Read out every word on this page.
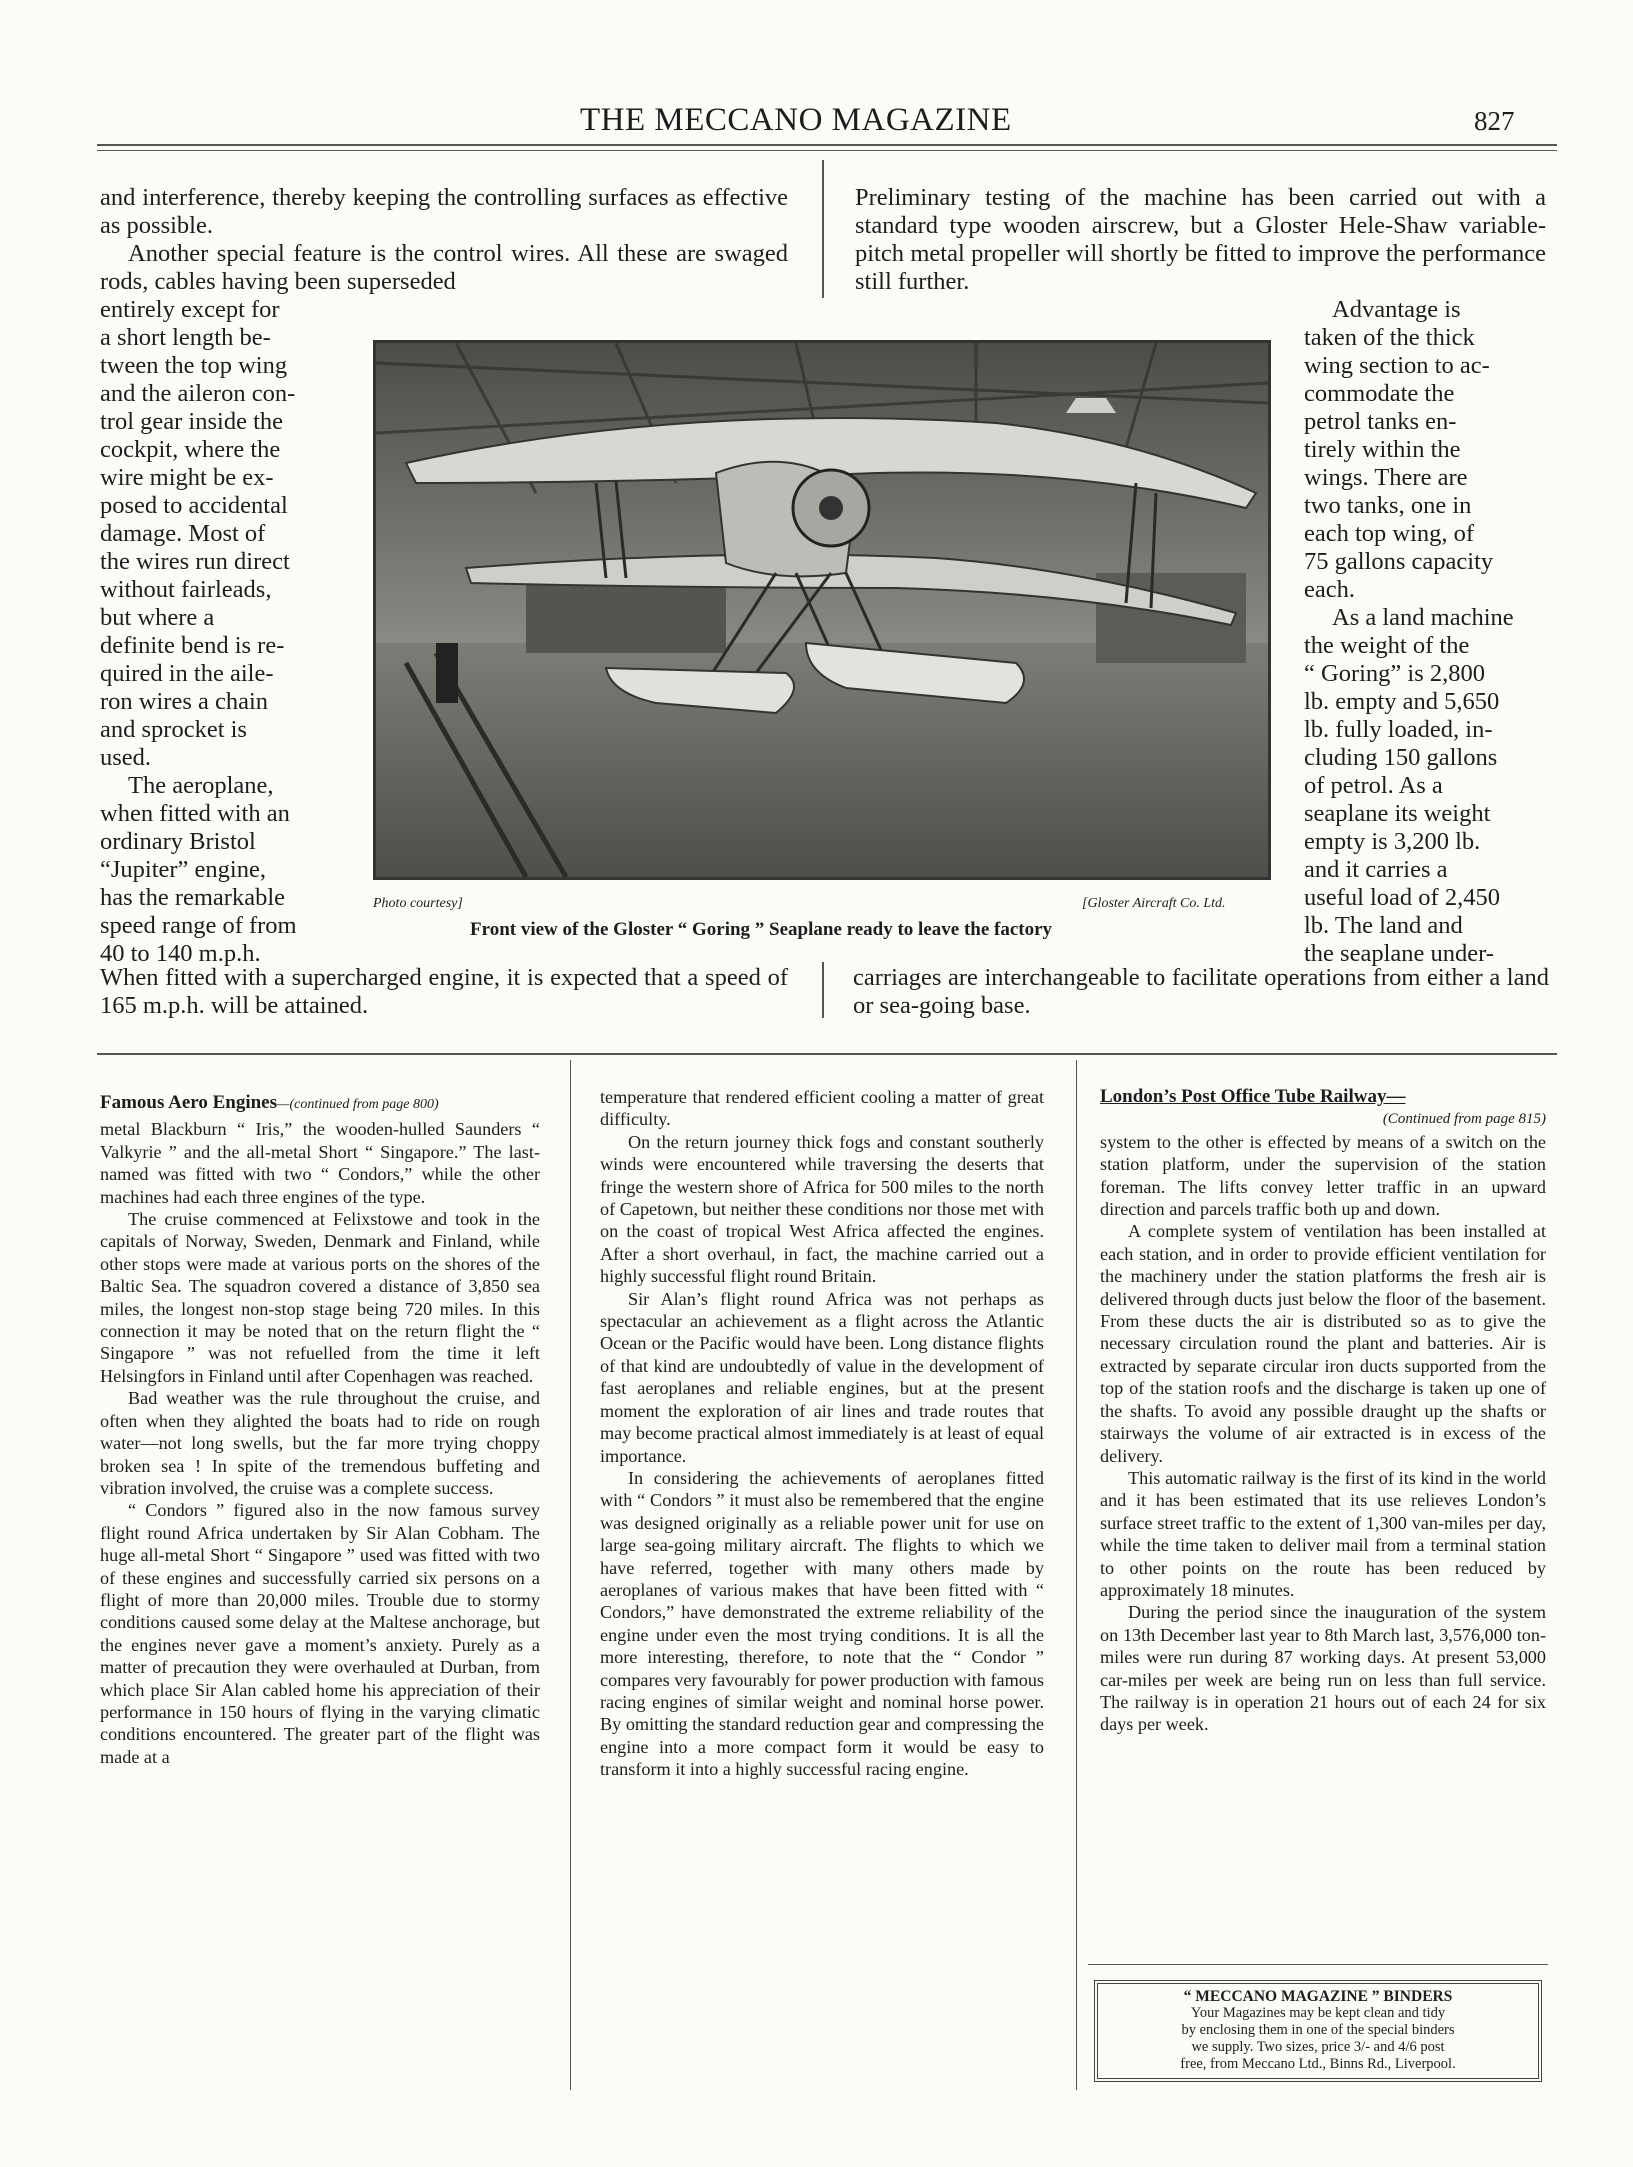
THE MECCANO MAGAZINE	827

and interference, thereby keeping the controlling surfaces as effective as possible.

Another special feature is the control wires. All these are swaged rods, cables having been superseded

Preliminary testing of the machine has been carried out with a standard type wooden airscrew, but a Gloster Hele-Shaw variable-pitch metal propeller will shortly be fitted to improve the performance still further.

entirely except for
a short length be-
tween the top wing
and the aileron con-
trol gear inside the
cockpit, where the
wire might be ex-
posed to accidental
damage. Most of
the wires run direct
without fairleads,
but where a
definite bend is re-
quired in the aile-
ron wires a chain
and sprocket is
used.
The aeroplane,
when fitted with an
ordinary Bristol
“Jupiter” engine,
has the remarkable
speed range of from
40 to 140 m.p.h.
Advantage is
taken of the thick
wing section to ac-
commodate the
petrol tanks en-
tirely within the
wings. There are
two tanks, one in
each top wing, of
75 gallons capacity
each.
As a land machine
the weight of the
“ Goring” is 2,800
lb. empty and 5,650
lb. fully loaded, in-
cluding 150 gallons
of petrol. As a
seaplane its weight
empty is 3,200 lb.
and it carries a
useful load of 2,450
lb. The land and
the seaplane under-
Photo courtesy]	[Gloster Aircraft Co. Ltd.
Front view of the Gloster “ Goring ” Seaplane ready to leave the factory

When fitted with a supercharged engine, it is expected that a speed of 165 m.p.h. will be attained.

carriages are interchangeable to facilitate operations from either a land or sea-going base.

Famous Aero Engines—(continued from page 800)

metal Blackburn “ Iris,” the wooden-hulled Saunders “ Valkyrie ” and the all-metal Short “ Singapore.” The last-named was fitted with two “ Condors,” while the other machines had each three engines of the type.

The cruise commenced at Felixstowe and took in the capitals of Norway, Sweden, Denmark and Finland, while other stops were made at various ports on the shores of the Baltic Sea. The squadron covered a distance of 3,850 sea miles, the longest non-stop stage being 720 miles. In this connection it may be noted that on the return flight the “ Singapore ” was not refuelled from the time it left Helsingfors in Finland until after Copenhagen was reached.

Bad weather was the rule throughout the cruise, and often when they alighted the boats had to ride on rough water—not long swells, but the far more trying choppy broken sea ! In spite of the tremendous buffeting and vibration involved, the cruise was a complete success.

“ Condors ” figured also in the now famous survey flight round Africa undertaken by Sir Alan Cobham. The huge all-metal Short “ Singapore ” used was fitted with two of these engines and successfully carried six persons on a flight of more than 20,000 miles. Trouble due to stormy conditions caused some delay at the Maltese anchorage, but the engines never gave a moment’s anxiety. Purely as a matter of precaution they were overhauled at Durban, from which place Sir Alan cabled home his appreciation of their performance in 150 hours of flying in the varying climatic conditions encountered. The greater part of the flight was made at a

temperature that rendered efficient cooling a matter of great difficulty.

On the return journey thick fogs and constant southerly winds were encountered while traversing the deserts that fringe the western shore of Africa for 500 miles to the north of Capetown, but neither these conditions nor those met with on the coast of tropical West Africa affected the engines. After a short overhaul, in fact, the machine carried out a highly successful flight round Britain.

Sir Alan’s flight round Africa was not perhaps as spectacular an achievement as a flight across the Atlantic Ocean or the Pacific would have been. Long distance flights of that kind are undoubtedly of value in the development of fast aeroplanes and reliable engines, but at the present moment the exploration of air lines and trade routes that may become practical almost immediately is at least of equal importance.

In considering the achievements of aeroplanes fitted with “ Condors ” it must also be remembered that the engine was designed originally as a reliable power unit for use on large sea-going military aircraft. The flights to which we have referred, together with many others made by aeroplanes of various makes that have been fitted with “ Condors,” have demonstrated the extreme reliability of the engine under even the most trying conditions. It is all the more interesting, therefore, to note that the “ Condor ” compares very favourably for power production with famous racing engines of similar weight and nominal horse power. By omitting the standard reduction gear and compressing the engine into a more compact form it would be easy to transform it into a highly successful racing engine.

London’s Post Office Tube Railway—
(Continued from page 815)

system to the other is effected by means of a switch on the station platform, under the supervision of the station foreman. The lifts convey letter traffic in an upward direction and parcels traffic both up and down.

A complete system of ventilation has been installed at each station, and in order to provide efficient ventilation for the machinery under the station platforms the fresh air is delivered through ducts just below the floor of the basement. From these ducts the air is distributed so as to give the necessary circulation round the plant and batteries. Air is extracted by separate circular iron ducts supported from the top of the station roofs and the discharge is taken up one of the shafts. To avoid any possible draught up the shafts or stairways the volume of air extracted is in excess of the delivery.

This automatic railway is the first of its kind in the world and it has been estimated that its use relieves London’s surface street traffic to the extent of 1,300 van-miles per day, while the time taken to deliver mail from a terminal station to other points on the route has been reduced by approximately 18 minutes.

During the period since the inauguration of the system on 13th December last year to 8th March last, 3,576,000 ton-miles were run during 87 working days. At present 53,000 car-miles per week are being run on less than full service. The railway is in operation 21 hours out of each 24 for six days per week.

“ MECCANO MAGAZINE ” BINDERS
Your Magazines may be kept clean and tidy
by enclosing them in one of the special binders
we supply. Two sizes, price 3/- and 4/6 post
free, from Meccano Ltd., Binns Rd., Liverpool.
